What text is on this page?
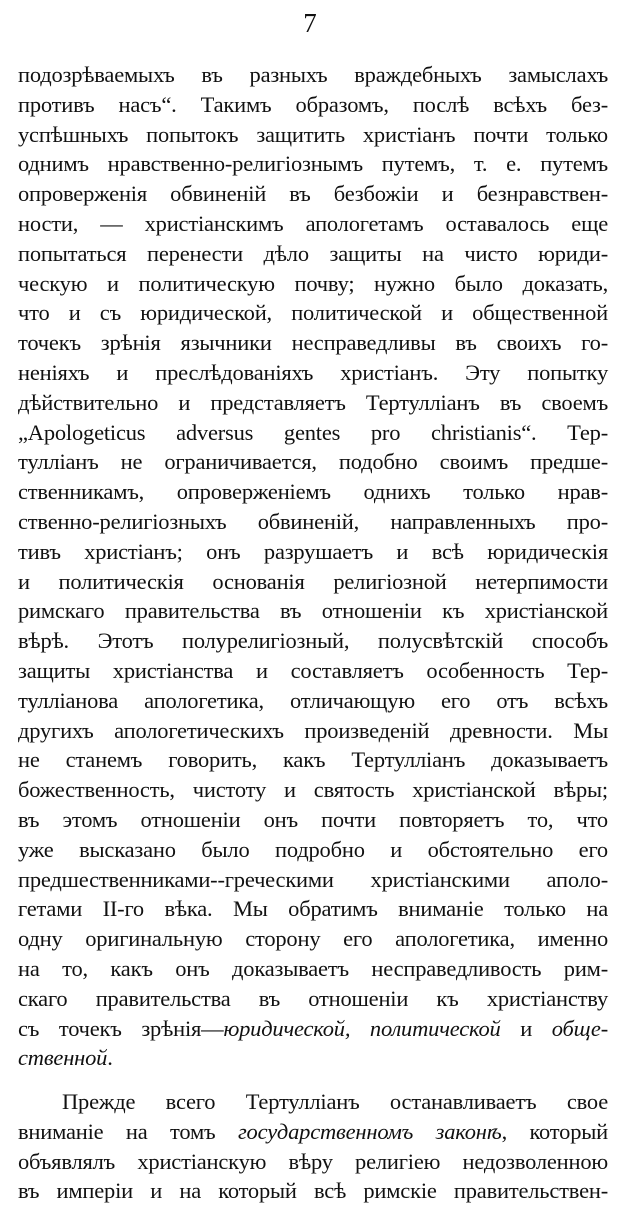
7
подозрѣваемыхъ въ разныхъ враждебныхъ замыслахъ
противъ насъ“. Такимъ образомъ, послѣ всѣхъ без-
успѣшныхъ попытокъ защитить христіанъ почти только
однимъ нравственно-религіознымъ путемъ, т. е. путемъ
опроверженія обвиненій въ безбожіи и безнравствен-
ности, — христіанскимъ апологетамъ оставалось еще
попытаться перенести дѣло защиты на чисто юриди-
ческую и политическую почву; нужно было доказать,
что и съ юридической, политической и общественной
точекъ зрѣнія язычники несправедливы въ своихъ го-
неніяхъ и преслѣдованіяхъ христіанъ. Эту попытку
дѣйствительно и представляетъ Тертулліанъ въ своемъ
„Apologeticus adversus gentes pro christianis“. Тер-
тулліанъ не ограничивается, подобно своимъ предше-
ственникамъ, опроверженіемъ однихъ только нрав-
ственно-религіозныхъ обвиненій, направленныхъ про-
тивъ христіанъ; онъ разрушаетъ и всѣ юридическія
и политическія основанія религіозной нетерпимости
римскаго правительства въ отношеніи къ христіанской
вѣрѣ. Этотъ полурелигіозный, полусвѣтскій способъ
защиты христіанства и составляетъ особенность Тер-
тулліанова апологетика, отличающую его отъ всѣхъ
другихъ апологетическихъ произведеній древности. Мы
не станемъ говорить, какъ Тертулліанъ доказываетъ
божественность, чистоту и святость христіанской вѣры;
въ этомъ отношеніи онъ почти повторяетъ то, что
уже высказано было подробно и обстоятельно его
предшественниками--греческими христіанскими аполо-
гетами II-го вѣка. Мы обратимъ вниманіе только на
одну оригинальную сторону его апологетика, именно
на то, какъ онъ доказываетъ несправедливость рим-
скаго правительства въ отношеніи къ христіанству
съ точекъ зрѣнія—юридической, политической и обще-
ственной.
Прежде всего Тертулліанъ останавливаетъ свое
вниманіе на томъ государственномъ законѣ, который
объявлялъ христіанскую вѣру религіею недозволенною
въ имперіи и на который всѣ римскіе правительствен-
